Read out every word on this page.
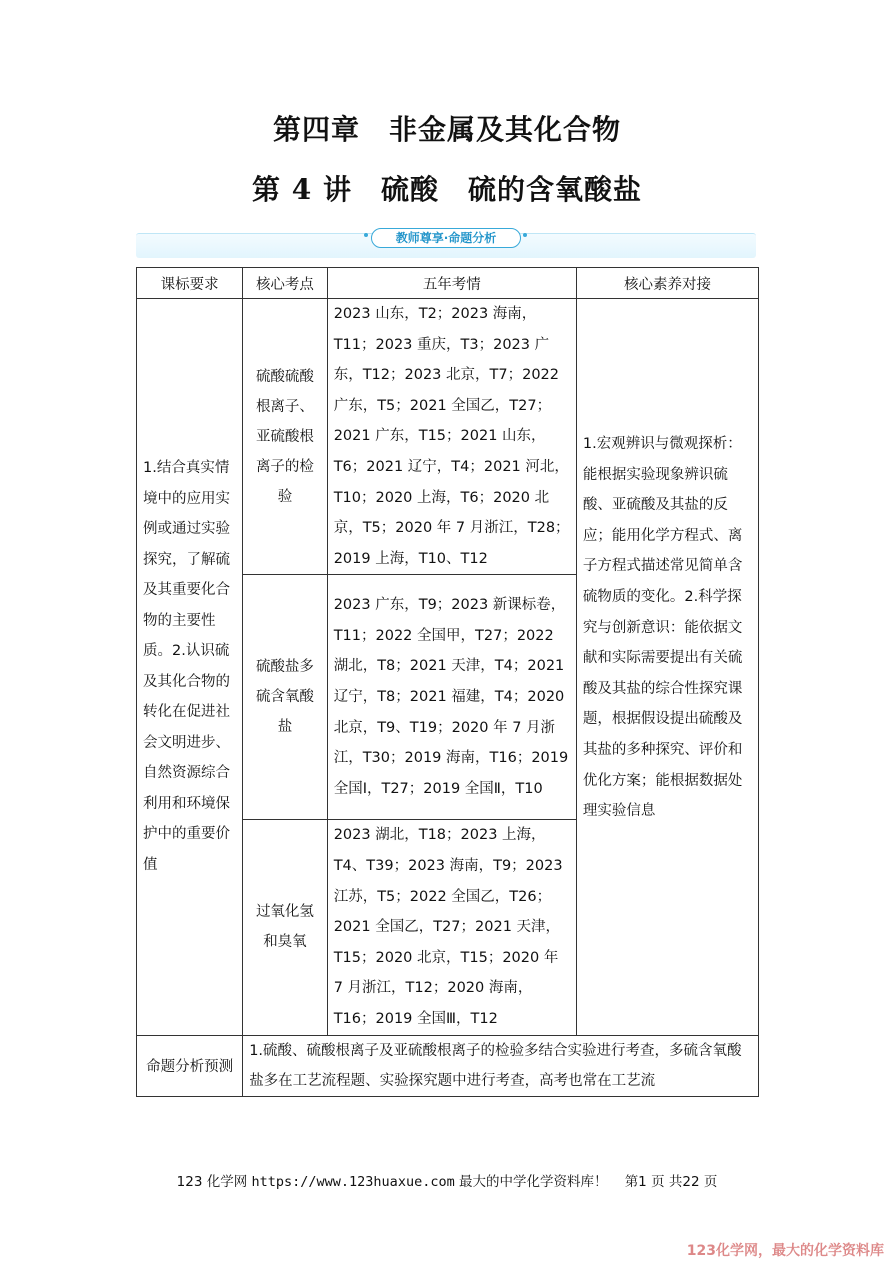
第四章　非金属及其化合物
第 4 讲　硫酸　硫的含氧酸盐
教师尊享·命题分析
课标要求	核心考点	五年考情	核心素养对接
1.结合真实情境中的应用实例或通过实验探究，了解硫及其重要化合物的主要性质。2.认识硫及其化合物的转化在促进社会文明进步、自然资源综合利用和环境保护中的重要价值	硫酸硫酸根离子、亚硫酸根离子的检验	2023 山东，T2；2023 海南，T11；2023 重庆，T3；2023 广东，T12；2023 北京，T7；2022 广东，T5；2021 全国乙，T27；2021 广东，T15；2021 山东，T6；2021 辽宁，T4；2021 河北，T10；2020 上海，T6；2020 北京，T5；2020 年 7 月浙江，T28；2019 上海，T10、T12	1.宏观辨识与微观探析：能根据实验现象辨识硫酸、亚硫酸及其盐的反应；能用化学方程式、离子方程式描述常见简单含硫物质的变化。2.科学探究与创新意识：能依据文献和实际需要提出有关硫酸及其盐的综合性探究课题，根据假设提出硫酸及其盐的多种探究、评价和优化方案；能根据数据处理实验信息
	硫酸盐多硫含氧酸盐	2023 广东，T9；2023 新课标卷，T11；2022 全国甲，T27；2022 湖北，T8；2021 天津，T4；2021 辽宁，T8；2021 福建，T4；2020 北京，T9、T19；2020 年 7 月浙江，T30；2019 海南，T16；2019 全国Ⅰ，T27；2019 全国Ⅱ，T10	
	过氧化氢和臭氧	2023 湖北，T18；2023 上海，T4、T39；2023 海南，T9；2023 江苏，T5；2022 全国乙，T26；2021 全国乙，T27；2021 天津，T15；2020 北京，T15；2020 年 7 月浙江，T12；2020 海南，T16；2019 全国Ⅲ，T12	
命题分析预测	1.硫酸、硫酸根离子及亚硫酸根离子的检验多结合实验进行考查，多硫含氧酸盐多在工艺流程题、实验探究题中进行考查，高考也常在工艺流		
123 化学网 https://www.123huaxue.com 最大的中学化学资料库！ 第1 页 共22 页
123化学网，最大的化学资料库
